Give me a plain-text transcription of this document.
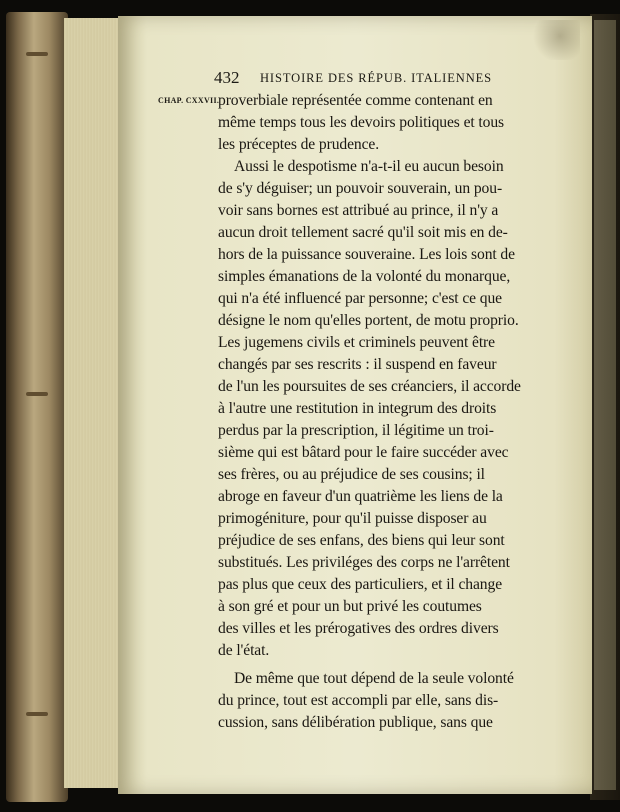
432 HISTOIRE DES RÉPUB. ITALIENNES
CHAP. CXXVII.
proverbiale représentée comme contenant en
même temps tous les devoirs politiques et tous
les préceptes de prudence.
Aussi le despotisme n'a-t-il eu aucun besoin
de s'y déguiser; un pouvoir souverain, un pou-
voir sans bornes est attribué au prince, il n'y a
aucun droit tellement sacré qu'il soit mis en de-
hors de la puissance souveraine. Les lois sont de
simples émanations de la volonté du monarque,
qui n'a été influencé par personne; c'est ce que
désigne le nom qu'elles portent, de motu proprio.
Les jugemens civils et criminels peuvent être
changés par ses rescrits : il suspend en faveur
de l'un les poursuites de ses créanciers, il accorde
à l'autre une restitution in integrum des droits
perdus par la prescription, il légitime un troi-
sième qui est bâtard pour le faire succéder avec
ses frères, ou au préjudice de ses cousins; il
abroge en faveur d'un quatrième les liens de la
primogéniture, pour qu'il puisse disposer au
préjudice de ses enfans, des biens qui leur sont
substitués. Les priviléges des corps ne l'arrêtent
pas plus que ceux des particuliers, et il change
à son gré et pour un but privé les coutumes
des villes et les prérogatives des ordres divers
de l'état.
De même que tout dépend de la seule volonté
du prince, tout est accompli par elle, sans dis-
cussion, sans délibération publique, sans que
